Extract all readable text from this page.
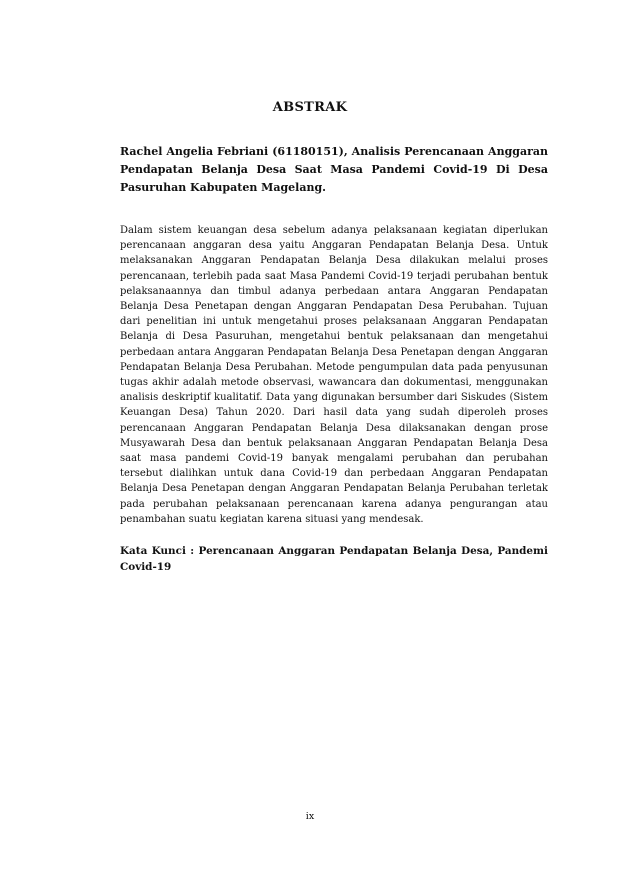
ABSTRAK

Rachel Angelia Febriani (61180151), Analisis Perencanaan Anggaran Pendapatan Belanja Desa Saat Masa Pandemi Covid-19 Di Desa Pasuruhan Kabupaten Magelang.

Dalam sistem keuangan desa sebelum adanya pelaksanaan kegiatan diperlukan perencanaan anggaran desa yaitu Anggaran Pendapatan Belanja Desa. Untuk melaksanakan Anggaran Pendapatan Belanja Desa dilakukan melalui proses perencanaan, terlebih pada saat Masa Pandemi Covid-19 terjadi perubahan bentuk pelaksanaannya dan timbul adanya perbedaan antara Anggaran Pendapatan Belanja Desa Penetapan dengan Anggaran Pendapatan Desa Perubahan. Tujuan dari penelitian ini untuk mengetahui proses pelaksanaan Anggaran Pendapatan Belanja di Desa Pasuruhan, mengetahui bentuk pelaksanaan dan mengetahui perbedaan antara Anggaran Pendapatan Belanja Desa Penetapan dengan Anggaran Pendapatan Belanja Desa Perubahan. Metode pengumpulan data pada penyusunan tugas akhir adalah metode observasi, wawancara dan dokumentasi, menggunakan analisis deskriptif kualitatif. Data yang digunakan bersumber dari Siskudes (Sistem Keuangan Desa) Tahun 2020. Dari hasil data yang sudah diperoleh proses perencanaan Anggaran Pendapatan Belanja Desa dilaksanakan dengan prose Musyawarah Desa dan bentuk pelaksanaan Anggaran Pendapatan Belanja Desa saat masa pandemi Covid-19 banyak mengalami perubahan dan perubahan tersebut dialihkan untuk dana Covid-19 dan perbedaan Anggaran Pendapatan Belanja Desa Penetapan dengan Anggaran Pendapatan Belanja Perubahan terletak pada perubahan pelaksanaan perencanaan karena adanya pengurangan atau penambahan suatu kegiatan karena situasi yang mendesak.

Kata Kunci : Perencanaan Anggaran Pendapatan Belanja Desa, Pandemi Covid-19

ix
